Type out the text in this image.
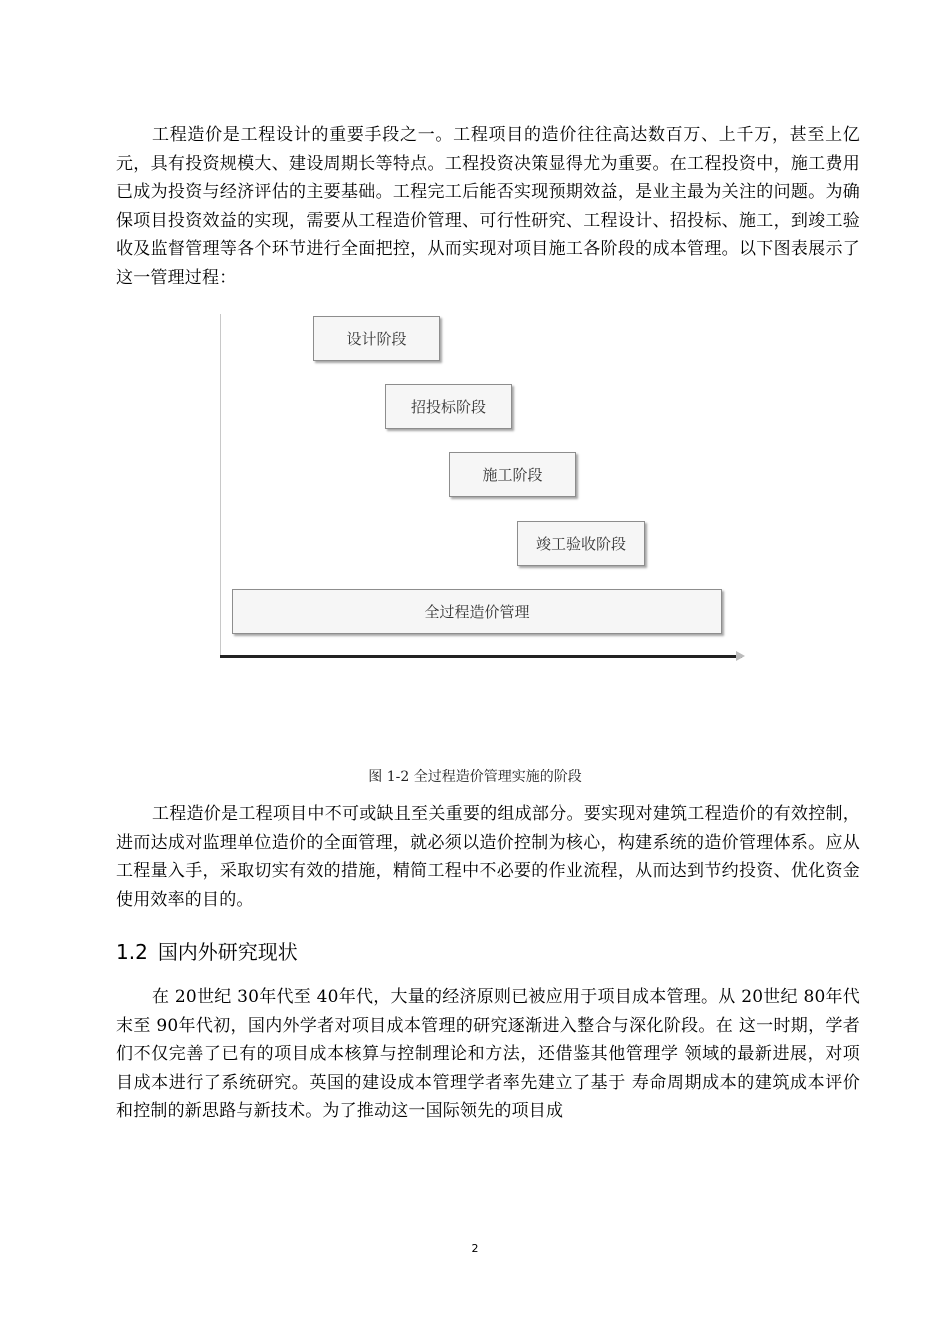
工程造价是工程设计的重要手段之一。工程项目的造价往往高达数百万、上千万，甚至上亿元，具有投资规模大、建设周期长等特点。工程投资决策显得尤为重要。在工程投资中，施工费用已成为投资与经济评估的主要基础。工程完工后能否实现预期效益，是业主最为关注的问题。为确保项目投资效益的实现，需要从工程造价管理、可行性研究、工程设计、招投标、施工，到竣工验收及监督管理等各个环节进行全面把控，从而实现对项目施工各阶段的成本管理。以下图表展示了这一管理过程：

设计阶段
招投标阶段
施工阶段
竣工验收阶段
全过程造价管理
图 1-2 全过程造价管理实施的阶段

工程造价是工程项目中不可或缺且至关重要的组成部分。要实现对建筑工程造价的有效控制，进而达成对监理单位造价的全面管理，就必须以造价控制为核心，构建系统的造价管理体系。应从工程量入手，采取切实有效的措施，精简工程中不必要的作业流程，从而达到节约投资、优化资金使用效率的目的。

1.2 国内外研究现状

在 20世纪 30年代至 40年代，大量的经济原则已被应用于项目成本管理。从 20世纪 80年代末至 90年代初，国内外学者对项目成本管理的研究逐渐进入整合与深化阶段。在 这一时期，学者们不仅完善了已有的项目成本核算与控制理论和方法，还借鉴其他管理学 领域的最新进展，对项目成本进行了系统研究。英国的建设成本管理学者率先建立了基于 寿命周期成本的建筑成本评价和控制的新思路与新技术。为了推动这一国际领先的项目成

2
